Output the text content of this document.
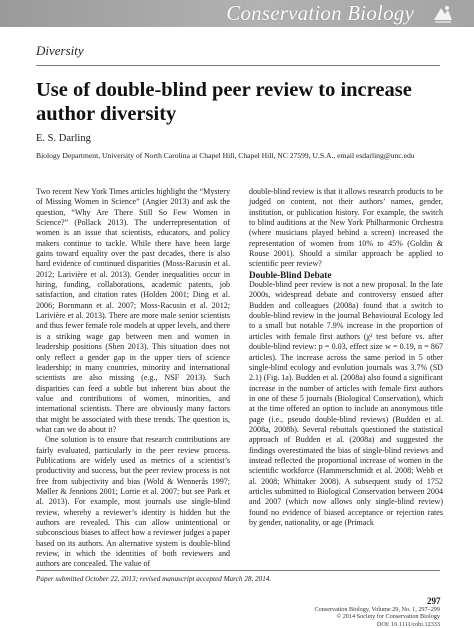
Conservation Biology
Diversity
Use of double-blind peer review to increase author diversity
E. S. Darling
Biology Department, University of North Carolina at Chapel Hill, Chapel Hill, NC 27599, U.S.A., email esdarling@unc.edu

Two recent New York Times articles highlight the “Mystery of Missing Women in Science” (Angier 2013) and ask the question, “Why Are There Still So Few Women in Science?” (Pollack 2013). The underrepresentation of women is an issue that scientists, educators, and policy makers continue to tackle. While there have been large gains toward equality over the past decades, there is also hard evidence of continued disparities (Moss-Racusin et al. 2012; Larivière et al. 2013). Gender inequalities occur in hiring, funding, collaborations, academic patents, job satisfaction, and citation rates (Holden 2001; Ding et al. 2006; Bornmann et al. 2007; Moss-Racusin et al. 2012; Larivière et al. 2013). There are more male senior scientists and thus fewer female role models at upper levels, and there is a striking wage gap between men and women in leadership positions (Shen 2013). This situation does not only reflect a gender gap in the upper tiers of science leadership; in many countries, minority and international scientists are also missing (e.g., NSF 2013). Such disparities can feed a subtle but inherent bias about the value and contributions of women, minorities, and international scientists. There are obviously many factors that might be associated with these trends. The question is, what can we do about it?

One solution is to ensure that research contributions are fairly evaluated, particularly in the peer review process. Publications are widely used as metrics of a scientist’s productivity and success, but the peer review process is not free from subjectivity and bias (Wold & Wennerås 1997; Møller & Jennions 2001; Lortie et al. 2007; but see Park et al. 2013). For example, most journals use single-blind review, whereby a reviewer’s identity is hidden but the authors are revealed. This can allow unintentional or subconscious biases to affect how a reviewer judges a paper based on its authors. An alternative system is double-blind review, in which the identities of both reviewers and authors are concealed. The value of

double-blind review is that it allows research products to be judged on content, not their authors’ names, gender, institution, or publication history. For example, the switch to blind auditions at the New York Philharmonic Orchestra (where musicians played behind a screen) increased the representation of women from 10% to 45% (Goldin & Rouse 2001). Should a similar approach be applied to scientific peer review?

Double-Blind Debate

Double-blind peer review is not a new proposal. In the late 2000s, widespread debate and controversy ensued after Budden and colleagues (2008a) found that a switch to double-blind review in the journal Behavioural Ecology led to a small but notable 7.9% increase in the proportion of articles with female first authors (χ² test before vs. after double-blind review: p = 0.03, effect size w = 0.19, n = 867 articles). The increase across the same period in 5 other single-blind ecology and evolution journals was 3.7% (SD 2.1) (Fig. 1a). Budden et al. (2008a) also found a significant increase in the number of articles with female first authors in one of these 5 journals (Biological Conservation), which at the time offered an option to include an anonymous title page (i.e., pseudo double-blind reviews) (Budden et al. 2008a, 2008b). Several rebuttals questioned the statistical approach of Budden et al. (2008a) and suggested the findings overestimated the bias of single-blind reviews and instead reflected the proportional increase of women in the scientific workforce (Hammerschmidt et al. 2008; Webb et al. 2008; Whittaker 2008). A subsequent study of 1752 articles submitted to Biological Conservation between 2004 and 2007 (which now allows only single-blind review) found no evidence of biased acceptance or rejection rates by gender, nationality, or age (Primack

Paper submitted October 22, 2013; revised manuscript accepted March 28, 2014.
297
Conservation Biology, Volume 29, No. 1, 297–299
© 2014 Society for Conservation Biology
DOI: 10.1111/cobi.12333
